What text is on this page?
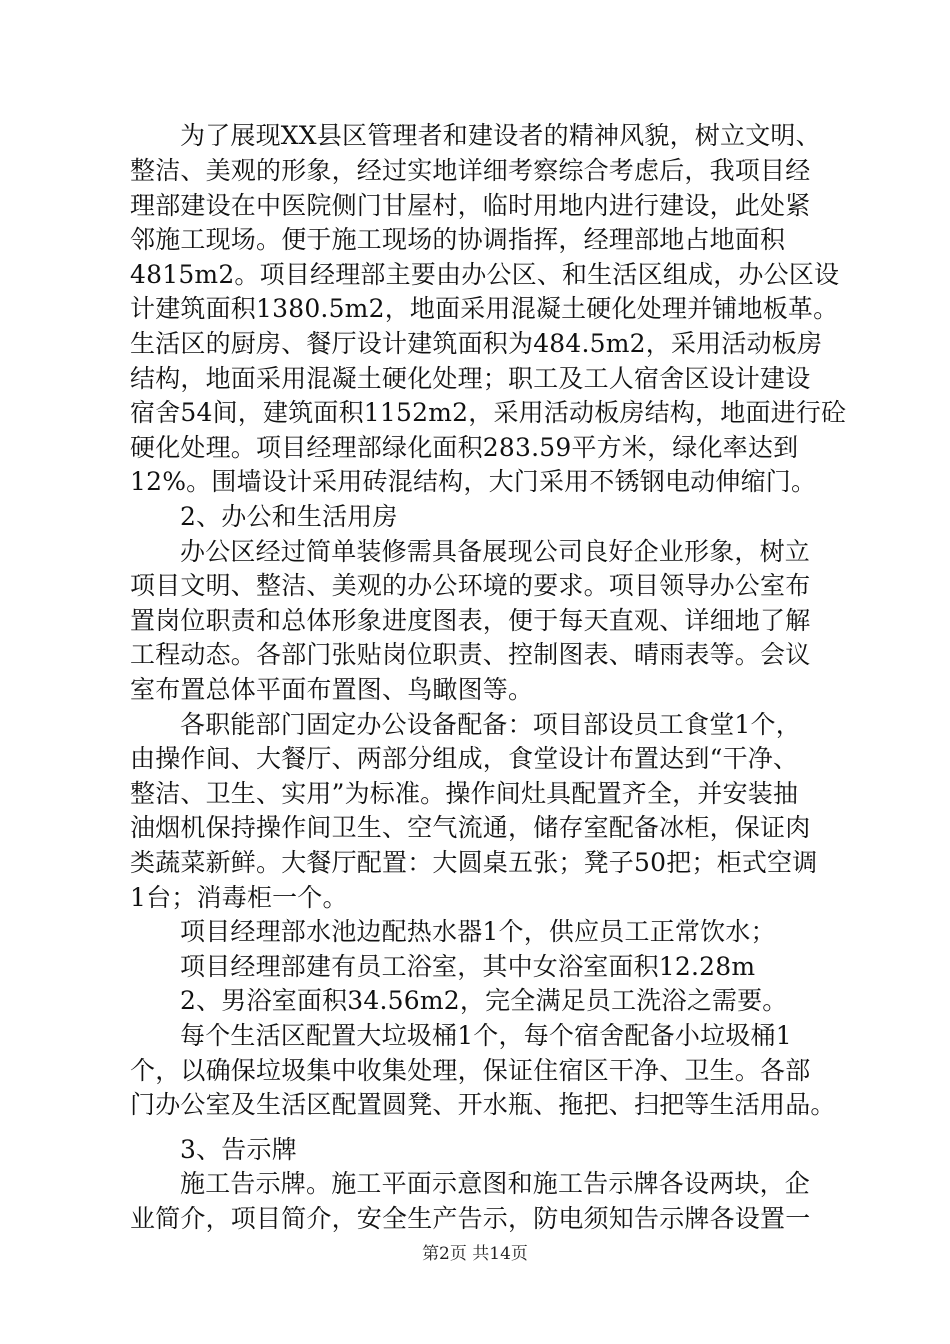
为了展现XX县区管理者和建设者的精神风貌，树立文明、
整洁、美观的形象，经过实地详细考察综合考虑后，我项目经
理部建设在中医院侧门甘屋村，临时用地内进行建设，此处紧
邻施工现场。便于施工现场的协调指挥，经理部地占地面积
4815m2。项目经理部主要由办公区、和生活区组成，办公区设
计建筑面积1380.5m2，地面采用混凝土硬化处理并铺地板革。
生活区的厨房、餐厅设计建筑面积为484.5m2，采用活动板房
结构，地面采用混凝土硬化处理；职工及工人宿舍区设计建设
宿舍54间，建筑面积1152m2，采用活动板房结构，地面进行砼
硬化处理。项目经理部绿化面积283.59平方米，绿化率达到
12%。围墙设计采用砖混结构，大门采用不锈钢电动伸缩门。
2、办公和生活用房
办公区经过简单装修需具备展现公司良好企业形象，树立
项目文明、整洁、美观的办公环境的要求。项目领导办公室布
置岗位职责和总体形象进度图表，便于每天直观、详细地了解
工程动态。各部门张贴岗位职责、控制图表、晴雨表等。会议
室布置总体平面布置图、鸟瞰图等。
各职能部门固定办公设备配备：项目部设员工食堂1个，
由操作间、大餐厅、两部分组成，食堂设计布置达到“干净、
整洁、卫生、实用”为标准。操作间灶具配置齐全，并安装抽
油烟机保持操作间卫生、空气流通，储存室配备冰柜，保证肉
类蔬菜新鲜。大餐厅配置：大圆桌五张；凳子50把；柜式空调
1台；消毒柜一个。
项目经理部水池边配热水器1个，供应员工正常饮水；
项目经理部建有员工浴室，其中女浴室面积12.28m
2、男浴室面积34.56m2，完全满足员工洗浴之需要。
每个生活区配置大垃圾桶1个，每个宿舍配备小垃圾桶1
个，以确保垃圾集中收集处理，保证住宿区干净、卫生。各部
门办公室及生活区配置圆凳、开水瓶、拖把、扫把等生活用品。
3、告示牌
施工告示牌。施工平面示意图和施工告示牌各设两块，企
业简介，项目简介，安全生产告示，防电须知告示牌各设置一
第2页 共14页
